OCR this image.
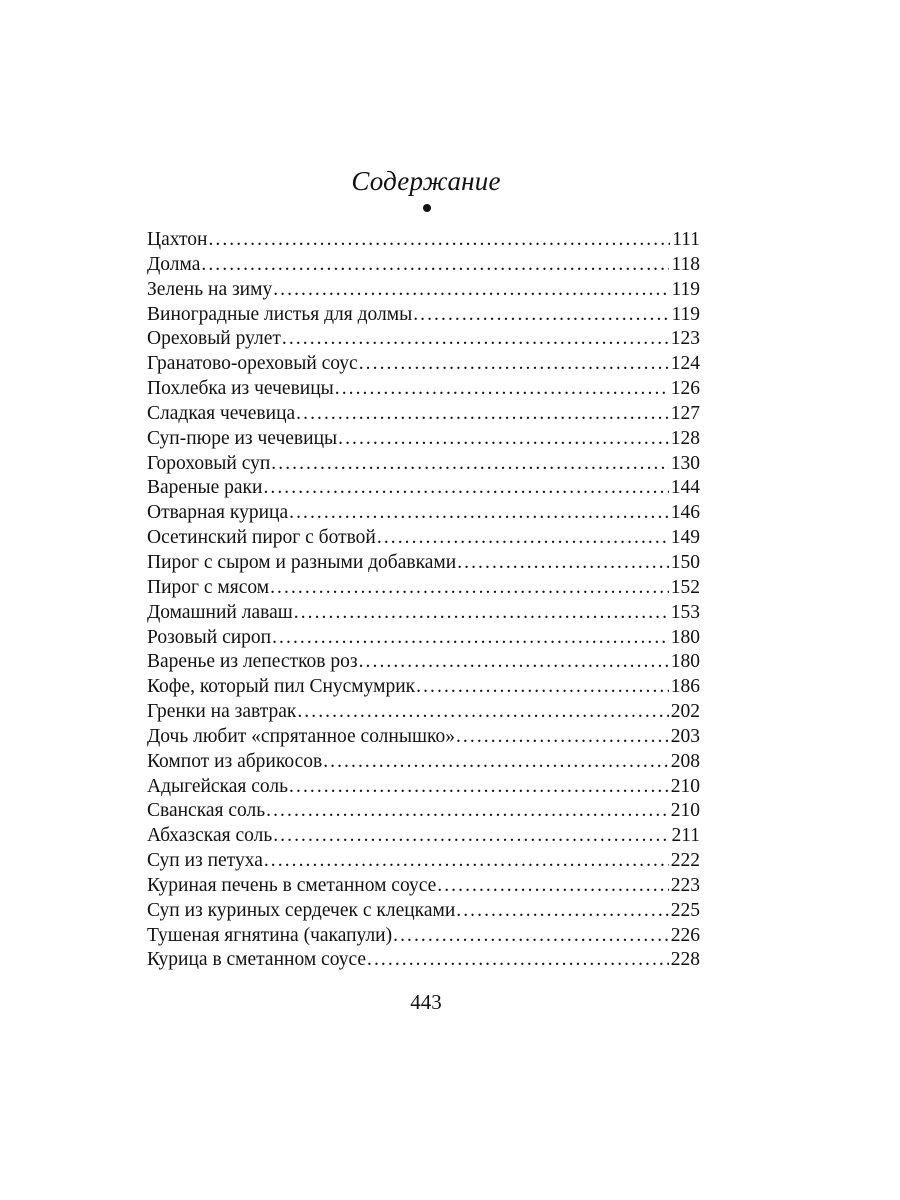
Содержание
Цахтон . . .	111
Долма . . .	118
Зелень на зиму . . .	119
Виноградные листья для долмы . . .	119
Ореховый рулет . . .	123
Гранатово-ореховый соус . . .	124
Похлебка из чечевицы . . .	126
Сладкая чечевица . . .	127
Суп-пюре из чечевицы . . .	128
Гороховый суп . . .	130
Вареные раки . . .	144
Отварная курица . . .	146
Осетинский пирог с ботвой . . .	149
Пирог с сыром и разными добавками . . .	150
Пирог с мясом . . .	152
Домашний лаваш . . .	153
Розовый сироп . . .	180
Варенье из лепестков роз . . .	180
Кофе, который пил Снусмумрик . . .	186
Гренки на завтрак . . .	202
Дочь любит «спрятанное солнышко» . . .	203
Компот из абрикосов . . .	208
Адыгейская соль . . .	210
Сванская соль . . .	210
Абхазская соль . . .	211
Суп из петуха . . .	222
Куриная печень в сметанном соусе . . .	223
Суп из куриных сердечек с клецками . . .	225
Тушеная ягнятина (чакапули) . . .	226
Курица в сметанном соусе . . .	228
443
